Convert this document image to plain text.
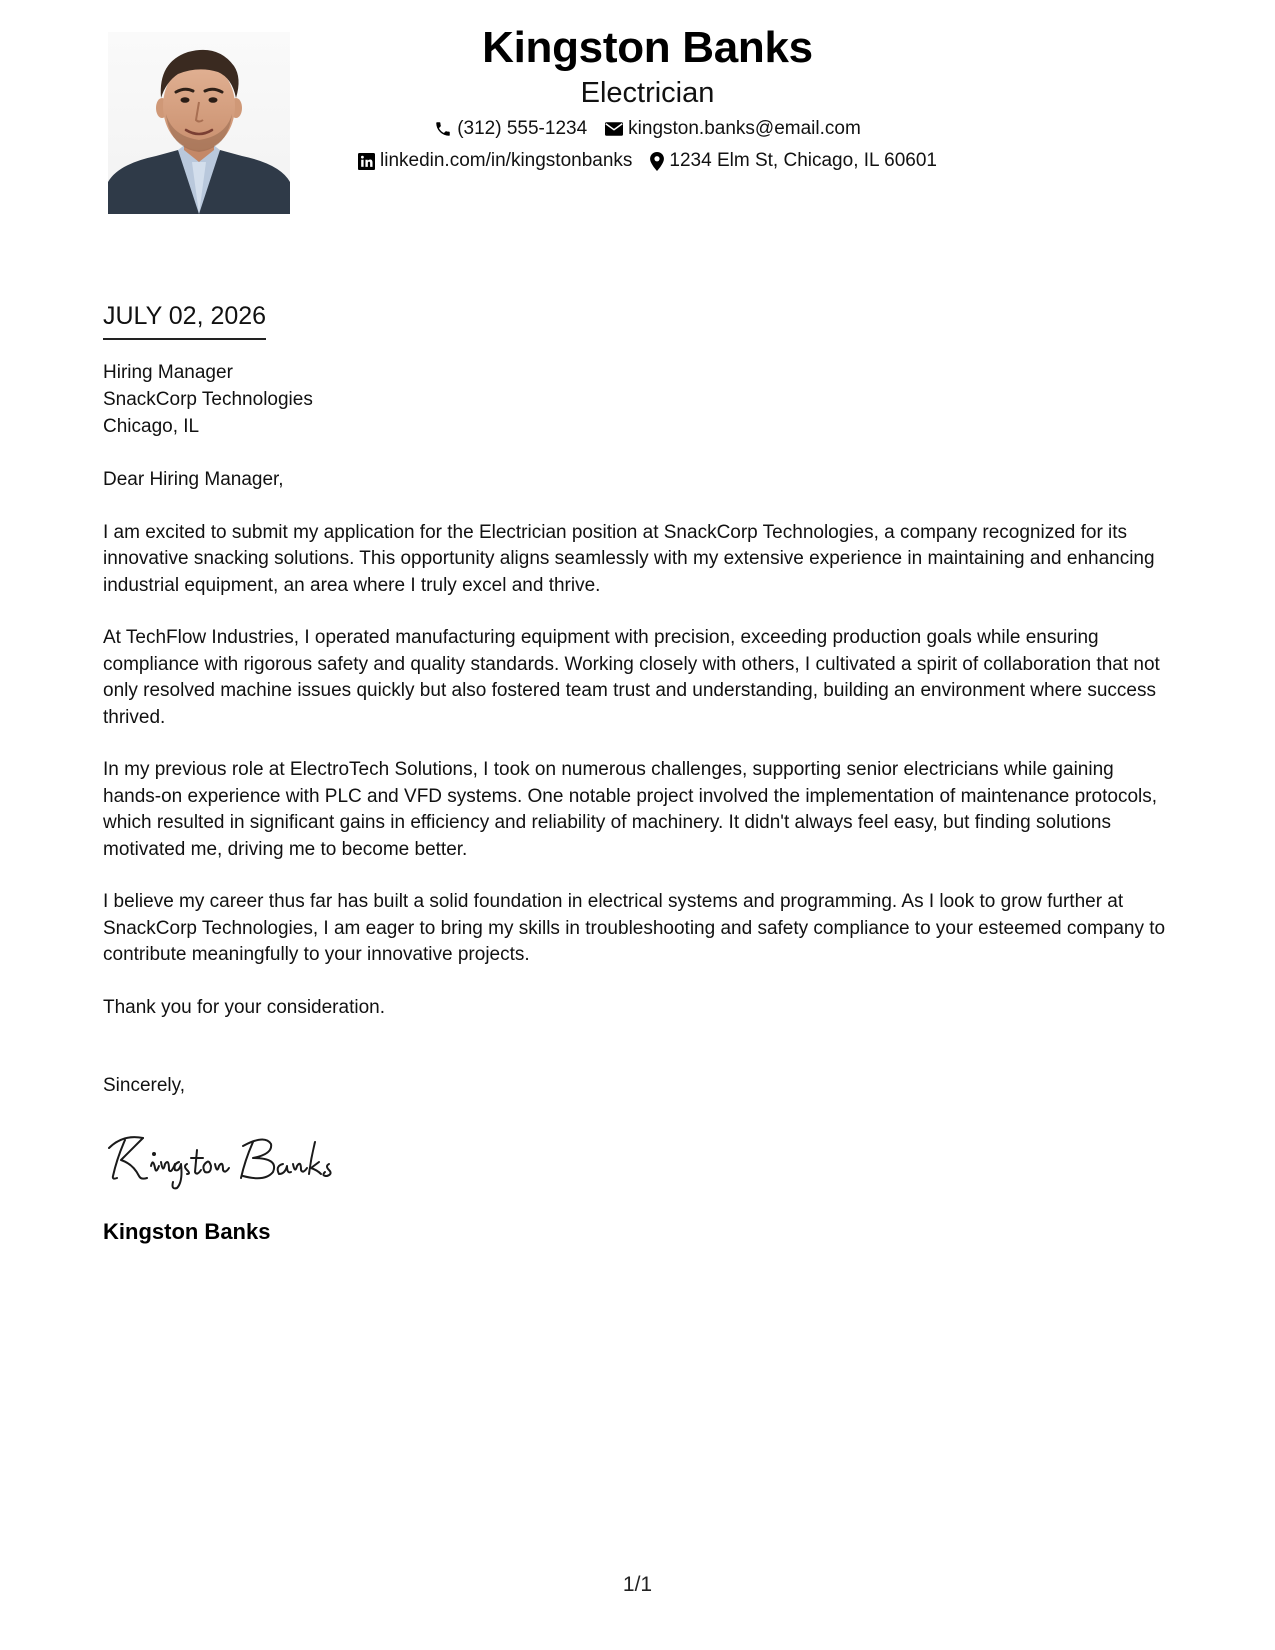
Kingston Banks
Electrician
(312) 555-1234 kingston.banks@email.com
linkedin.com/in/kingstonbanks 1234 Elm St, Chicago, IL 60601
JULY 02, 2026
Hiring Manager
SnackCorp Technologies
Chicago, IL

Dear Hiring Manager,

I am excited to submit my application for the Electrician position at SnackCorp Technologies, a company recognized for its innovative snacking solutions. This opportunity aligns seamlessly with my extensive experience in maintaining and enhancing industrial equipment, an area where I truly excel and thrive.

At TechFlow Industries, I operated manufacturing equipment with precision, exceeding production goals while ensuring compliance with rigorous safety and quality standards. Working closely with others, I cultivated a spirit of collaboration that not only resolved machine issues quickly but also fostered team trust and understanding, building an environment where success thrived.

In my previous role at ElectroTech Solutions, I took on numerous challenges, supporting senior electricians while gaining hands-on experience with PLC and VFD systems. One notable project involved the implementation of maintenance protocols, which resulted in significant gains in efficiency and reliability of machinery. It didn't always feel easy, but finding solutions motivated me, driving me to become better.

I believe my career thus far has built a solid foundation in electrical systems and programming. As I look to grow further at SnackCorp Technologies, I am eager to bring my skills in troubleshooting and safety compliance to your esteemed company to contribute meaningfully to your innovative projects.

Thank you for your consideration.

Sincerely,
Kingston Banks
1/1
